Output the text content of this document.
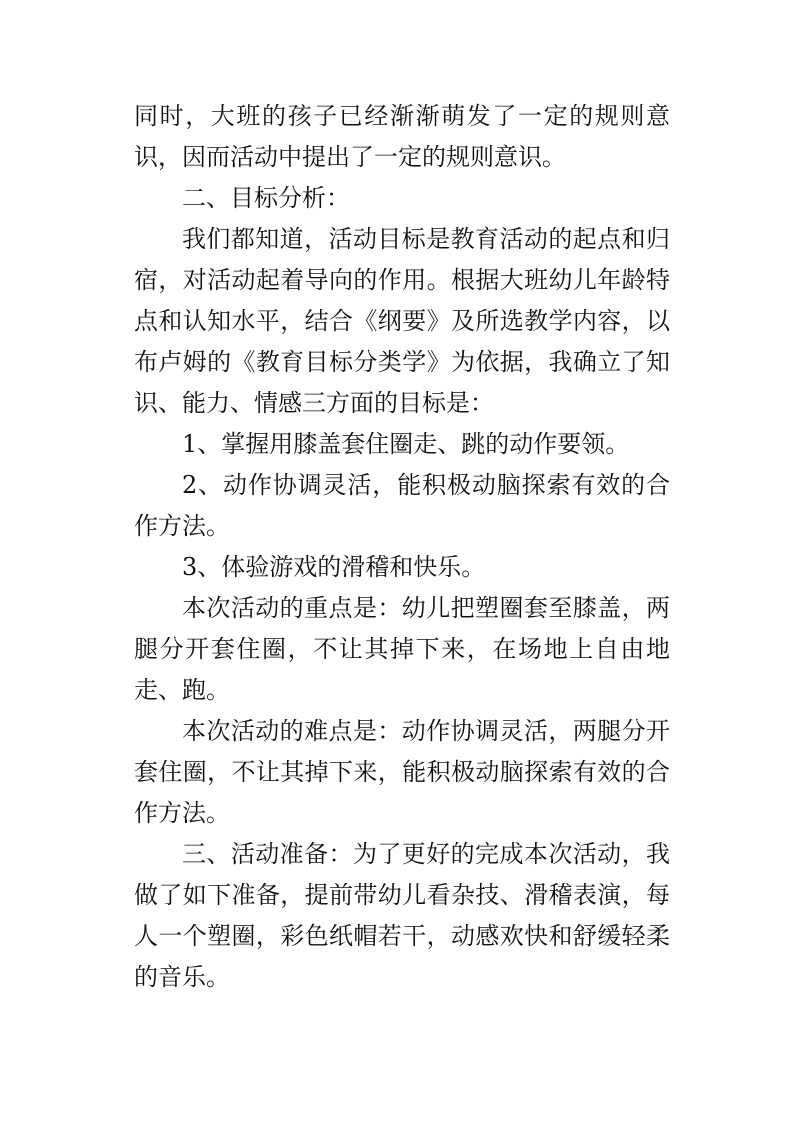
同时，大班的孩子已经渐渐萌发了一定的规则意识，因而活动中提出了一定的规则意识。

二、目标分析：

我们都知道，活动目标是教育活动的起点和归宿，对活动起着导向的作用。根据大班幼儿年龄特点和认知水平，结合《纲要》及所选教学内容，以布卢姆的《教育目标分类学》为依据，我确立了知识、能力、情感三方面的目标是：

1、掌握用膝盖套住圈走、跳的动作要领。

2、动作协调灵活，能积极动脑探索有效的合作方法。

3、体验游戏的滑稽和快乐。

本次活动的重点是：幼儿把塑圈套至膝盖，两腿分开套住圈，不让其掉下来，在场地上自由地走、跑。

本次活动的难点是：动作协调灵活，两腿分开套住圈，不让其掉下来，能积极动脑探索有效的合作方法。

三、活动准备：为了更好的完成本次活动，我做了如下准备，提前带幼儿看杂技、滑稽表演，每人一个塑圈，彩色纸帽若干，动感欢快和舒缓轻柔的音乐。
